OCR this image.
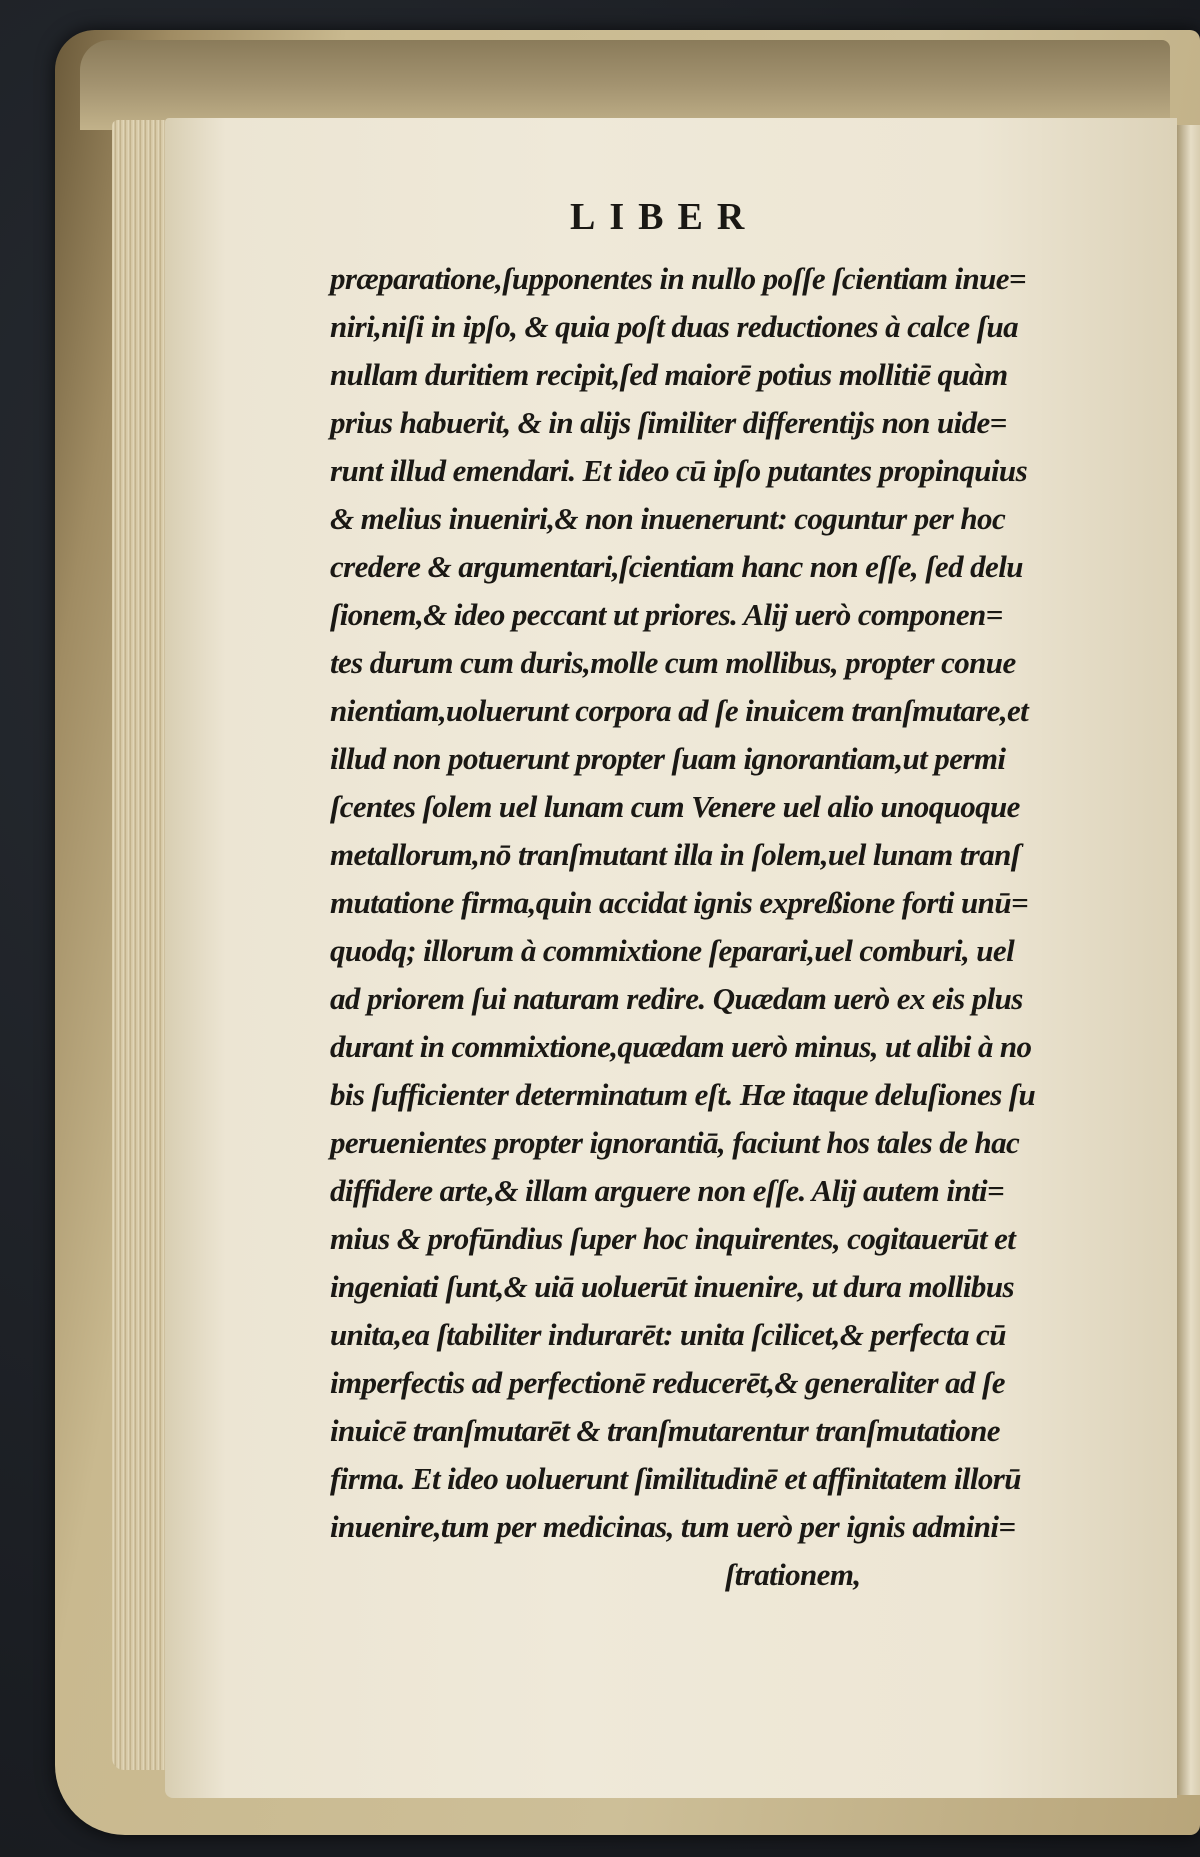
LIBER
præparatione,ſupponentes in nullo poſſe ſcientiam inue=
niri,niſi in ipſo, & quia poſt duas reductiones à calce ſua
nullam duritiem recipit,ſed maiorē potius mollitiē quàm
prius habuerit, & in alijs ſimiliter differentijs non uide=
runt illud emendari. Et ideo cū ipſo putantes propinquius
& melius inueniri,& non inuenerunt: coguntur per hoc
credere & argumentari,ſcientiam hanc non eſſe, ſed delu
ſionem,& ideo peccant ut priores. Alij uerò componen=
tes durum cum duris,molle cum mollibus, propter conue
nientiam,uoluerunt corpora ad ſe inuicem tranſmutare,et
illud non potuerunt propter ſuam ignorantiam,ut permi
ſcentes ſolem uel lunam cum Venere uel alio unoquoque
metallorum,nō tranſmutant illa in ſolem,uel lunam tranſ
mutatione firma,quin accidat ignis expreßione forti unū=
quodq; illorum à commixtione ſeparari,uel comburi, uel
ad priorem ſui naturam redire. Quædam uerò ex eis plus
durant in commixtione,quædam uerò minus, ut alibi à no
bis ſufficienter determinatum eſt. Hæ itaque deluſiones ſu
peruenientes propter ignorantiā, faciunt hos tales de hac
diffidere arte,& illam arguere non eſſe. Alij autem inti=
mius & profūndius ſuper hoc inquirentes, cogitauerūt et
ingeniati ſunt,& uiā uoluerūt inuenire, ut dura mollibus
unita,ea ſtabiliter indurarēt: unita ſcilicet,& perfecta cū
imperfectis ad perfectionē reducerēt,& generaliter ad ſe
inuicē tranſmutarēt & tranſmutarentur tranſmutatione
firma. Et ideo uoluerunt ſimilitudinē et affinitatem illorū
inuenire,tum per medicinas, tum uerò per ignis admini=
ſtrationem,
